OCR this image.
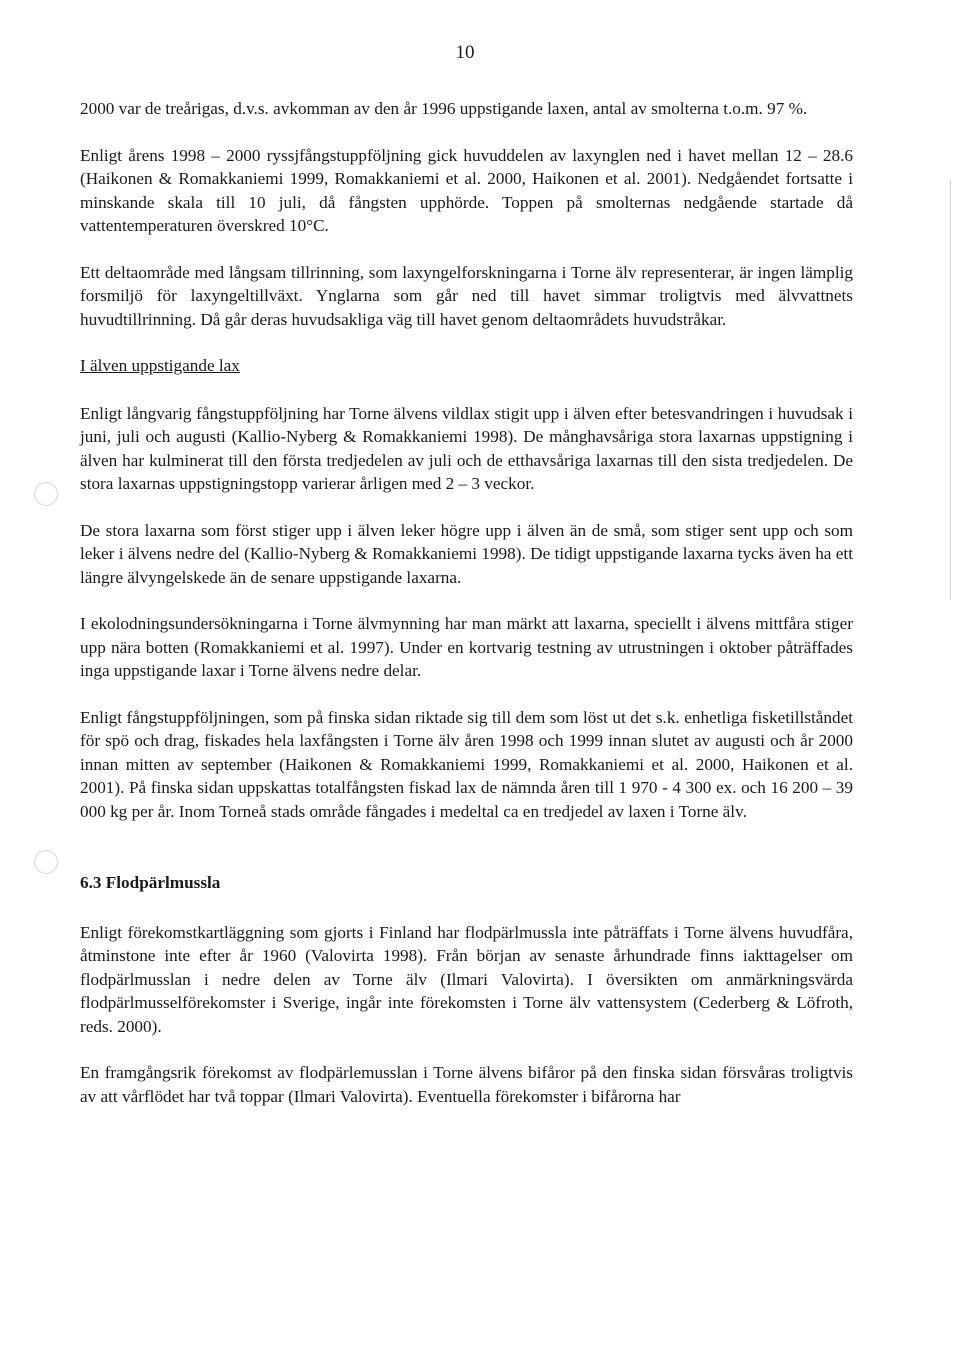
10

2000 var de treårigas, d.v.s. avkomman av den år 1996 uppstigande laxen, antal av smolterna t.o.m. 97 %.

Enligt årens 1998 – 2000 ryssjfångstuppföljning gick huvuddelen av laxynglen ned i havet mellan 12 – 28.6 (Haikonen & Romakkaniemi 1999, Romakkaniemi et al. 2000, Haikonen et al. 2001). Nedgåendet fortsatte i minskande skala till 10 juli, då fångsten upphörde. Toppen på smolternas nedgående startade då vattentemperaturen överskred 10°C.

Ett deltaområde med långsam tillrinning, som laxyngelforskningarna i Torne älv representerar, är ingen lämplig forsmiljö för laxyngeltillväxt. Ynglarna som går ned till havet simmar troligtvis med älvvattnets huvudtillrinning. Då går deras huvudsakliga väg till havet genom deltaområdets huvudstråkar.

I älven uppstigande lax

Enligt långvarig fångstuppföljning har Torne älvens vildlax stigit upp i älven efter betesvandringen i huvudsak i juni, juli och augusti (Kallio-Nyberg & Romakkaniemi 1998). De månghavsåriga stora laxarnas uppstigning i älven har kulminerat till den första tredjedelen av juli och de etthavsåriga laxarnas till den sista tredjedelen. De stora laxarnas uppstigningstopp varierar årligen med 2 – 3 veckor.

De stora laxarna som först stiger upp i älven leker högre upp i älven än de små, som stiger sent upp och som leker i älvens nedre del (Kallio-Nyberg & Romakkaniemi 1998). De tidigt uppstigande laxarna tycks även ha ett längre älvyngelskede än de senare uppstigande laxarna.

I ekolodningsundersökningarna i Torne älvmynning har man märkt att laxarna, speciellt i älvens mittfåra stiger upp nära botten (Romakkaniemi et al. 1997). Under en kortvarig testning av utrustningen i oktober påträffades inga uppstigande laxar i Torne älvens nedre delar.

Enligt fångstuppföljningen, som på finska sidan riktade sig till dem som löst ut det s.k. enhetliga fisketillståndet för spö och drag, fiskades hela laxfångsten i Torne älv åren 1998 och 1999 innan slutet av augusti och år 2000 innan mitten av september (Haikonen & Romakkaniemi 1999, Romakkaniemi et al. 2000, Haikonen et al. 2001). På finska sidan uppskattas totalfångsten fiskad lax de nämnda åren till 1 970 - 4 300 ex. och 16 200 – 39 000 kg per år. Inom Torneå stads område fångades i medeltal ca en tredjedel av laxen i Torne älv.

6.3 Flodpärlmussla

Enligt förekomstkartläggning som gjorts i Finland har flodpärlmussla inte påträffats i Torne älvens huvudfåra, åtminstone inte efter år 1960 (Valovirta 1998). Från början av senaste århundrade finns iakttagelser om flodpärlmusslan i nedre delen av Torne älv (Ilmari Valovirta). I översikten om anmärkningsvärda flodpärlmusselförekomster i Sverige, ingår inte förekomsten i Torne älv vattensystem (Cederberg & Löfroth, reds. 2000).

En framgångsrik förekomst av flodpärlemusslan i Torne älvens bifåror på den finska sidan försvåras troligtvis av att vårflödet har två toppar (Ilmari Valovirta). Eventuella förekomster i bifårorna har
